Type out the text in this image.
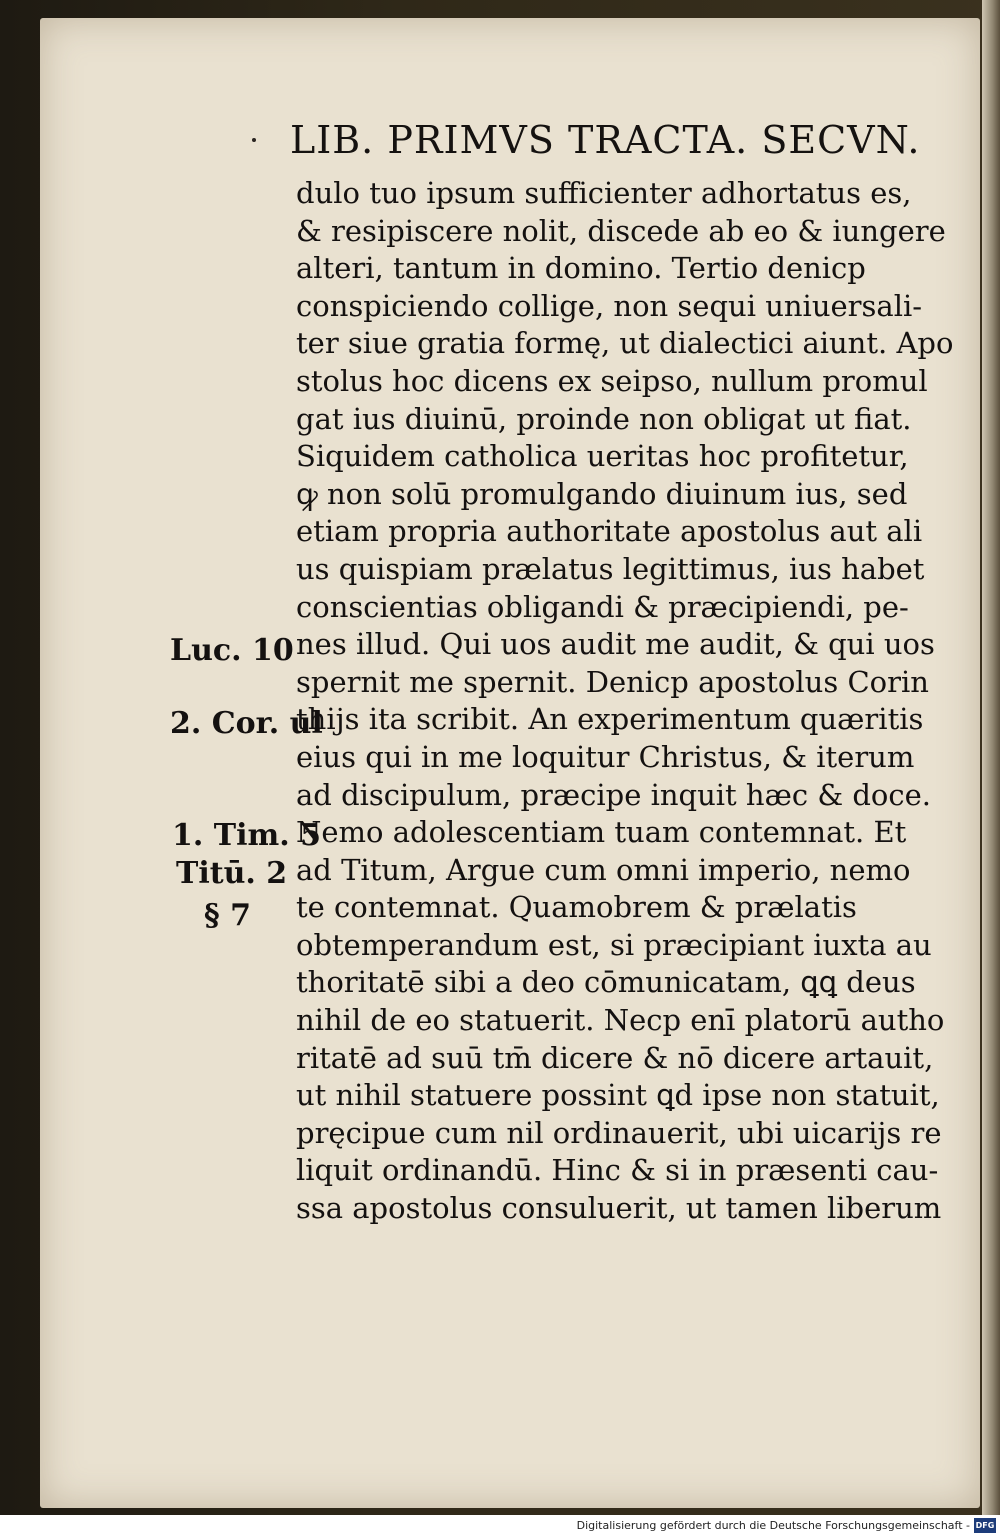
LIB. PRIMVS TRACTA. SECVN.
dulo tuo ipsum sufficienter adhortatus es,
& resipiscere nolit, discede ab eo & iungere
alteri, tantum in domino. Tertio denicp
conspiciendo collige, non sequi uniuersali-
ter siue gratia formę, ut dialectici aiunt. Apo
stolus hoc dicens ex seipso, nullum promul
gat ius diuinū, proinde non obligat ut fiat.
Siquidem catholica ueritas hoc profitetur,
ꝙ non solū promulgando diuinum ius, sed
etiam propria authoritate apostolus aut ali
us quispiam prælatus legittimus, ius habet
conscientias obligandi & præcipiendi, pe-
nes illud. Qui uos audit me audit, & qui uos
spernit me spernit. Denicp apostolus Corin
thijs ita scribit. An experimentum quæritis
eius qui in me loquitur Christus, & iterum
ad discipulum, præcipe inquit hæc & doce.
Nemo adolescentiam tuam contemnat. Et
ad Titum, Argue cum omni imperio, nemo
te contemnat. Quamobrem & prælatis
obtemperandum est, si præcipiant iuxta au
thoritatē sibi a deo cōmunicatam, ꝗꝗ deus
nihil de eo statuerit. Necp enī platorū autho
ritatē ad suū tm̄ dicere & nō dicere artauit,
ut nihil statuere possint ꝗd ipse non statuit,
pręcipue cum nil ordinauerit, ubi uicarijs re
liquit ordinandū. Hinc & si in præsenti cau-
ssa apostolus consuluerit, ut tamen liberum
Luc. 10
2. Cor. ul
1. Tim. 5
Titū. 2
§ 7
Digitalisierung gefördert durch die Deutsche Forschungsgemeinschaft - DFG
